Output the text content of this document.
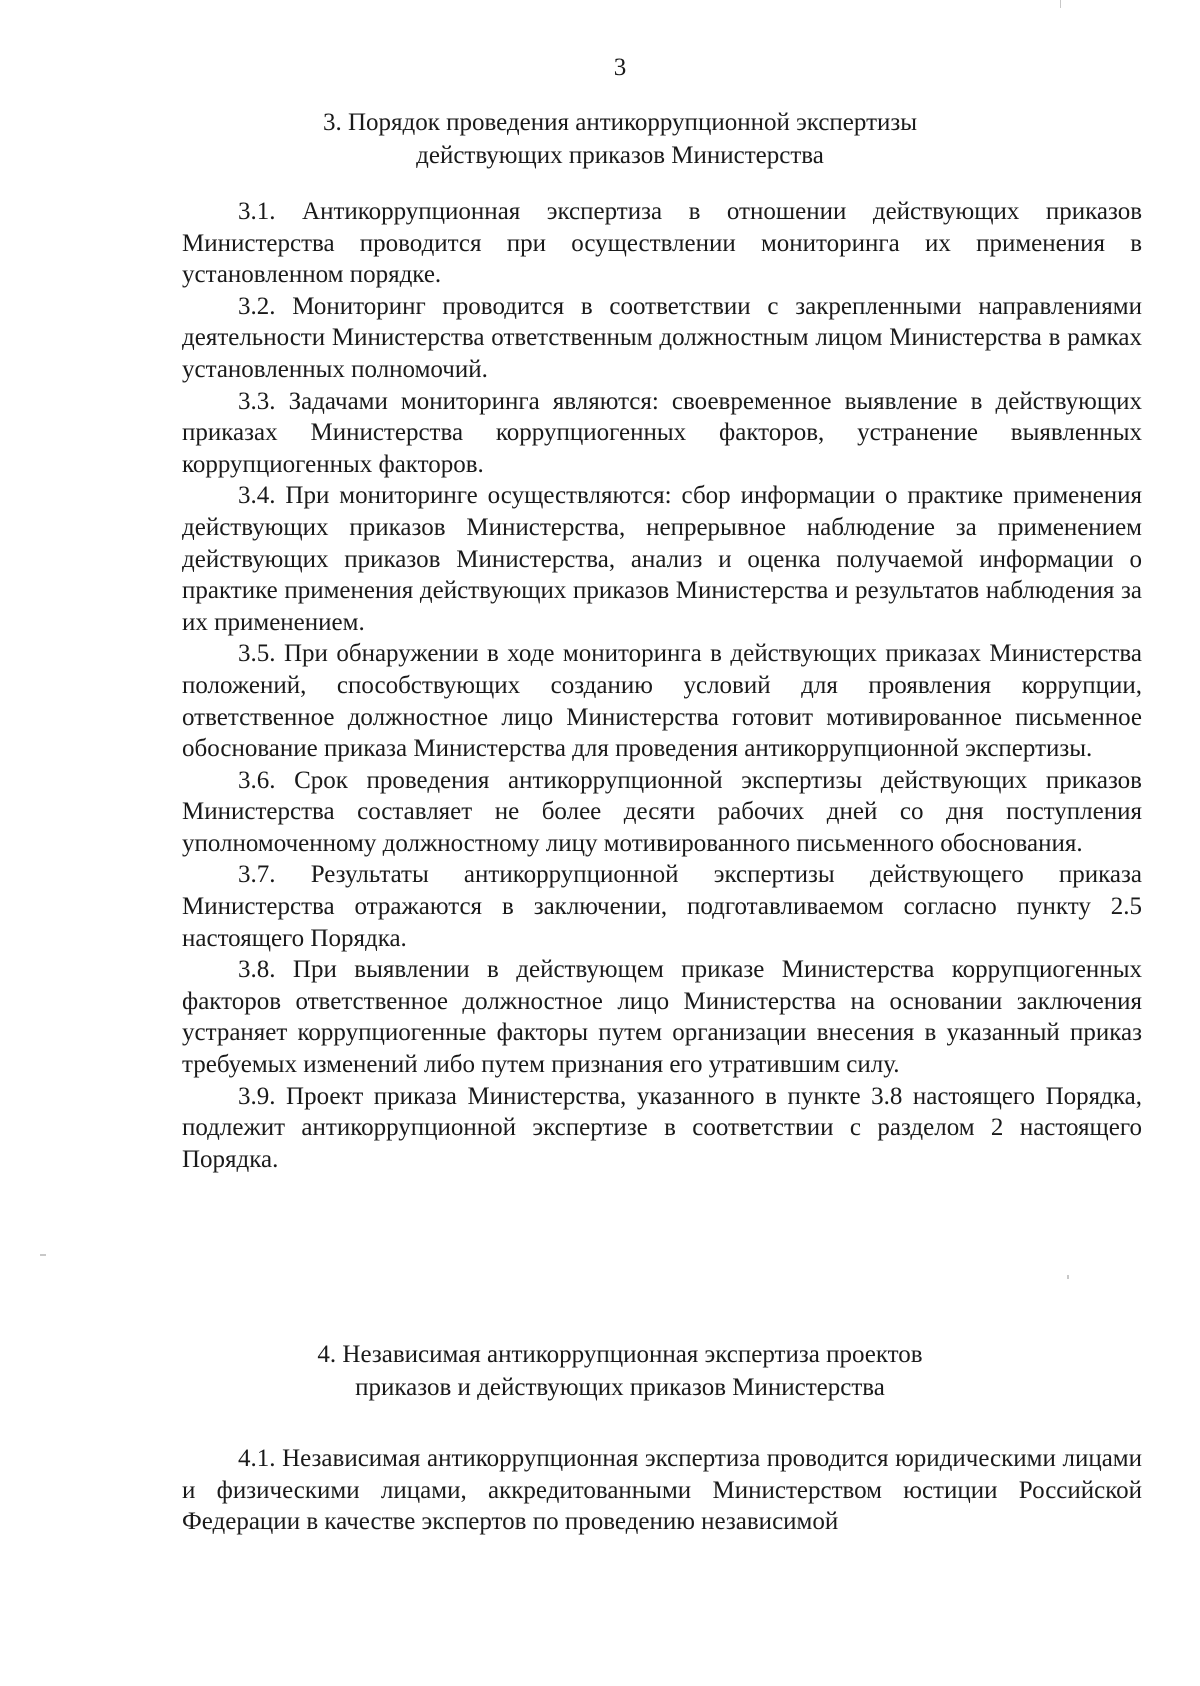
3
3. Порядок проведения антикоррупционной экспертизы
действующих приказов Министерства

3.1. Антикоррупционная экспертиза в отношении действующих приказов Министерства проводится при осуществлении мониторинга их применения в установленном порядке.

3.2. Мониторинг проводится в соответствии с закрепленными направлениями деятельности Министерства ответственным должностным лицом Министерства в рамках установленных полномочий.

3.3. Задачами мониторинга являются: своевременное выявление в действующих приказах Министерства коррупциогенных факторов, устранение выявленных коррупциогенных факторов.

3.4. При мониторинге осуществляются: сбор информации о практике применения действующих приказов Министерства, непрерывное наблюдение за применением действующих приказов Министерства, анализ и оценка получаемой информации о практике применения действующих приказов Министерства и результатов наблюдения за их применением.

3.5. При обнаружении в ходе мониторинга в действующих приказах Министерства положений, способствующих созданию условий для проявления коррупции, ответственное должностное лицо Министерства готовит мотивированное письменное обоснование приказа Министерства для проведения антикоррупционной экспертизы.

3.6. Срок проведения антикоррупционной экспертизы действующих приказов Министерства составляет не более десяти рабочих дней со дня поступления уполномоченному должностному лицу мотивированного письменного обоснования.

3.7. Результаты антикоррупционной экспертизы действующего приказа Министерства отражаются в заключении, подготавливаемом согласно пункту 2.5 настоящего Порядка.

3.8. При выявлении в действующем приказе Министерства коррупциогенных факторов ответственное должностное лицо Министерства на основании заключения устраняет коррупциогенные факторы путем организации внесения в указанный приказ требуемых изменений либо путем признания его утратившим силу.

3.9. Проект приказа Министерства, указанного в пункте 3.8 настоящего Порядка, подлежит антикоррупционной экспертизе в соответствии с разделом 2 настоящего Порядка.

4. Независимая антикоррупционная экспертиза проектов
приказов и действующих приказов Министерства

4.1. Независимая антикоррупционная экспертиза проводится юридическими лицами и физическими лицами, аккредитованными Министерством юстиции Российской Федерации в качестве экспертов по проведению независимой
